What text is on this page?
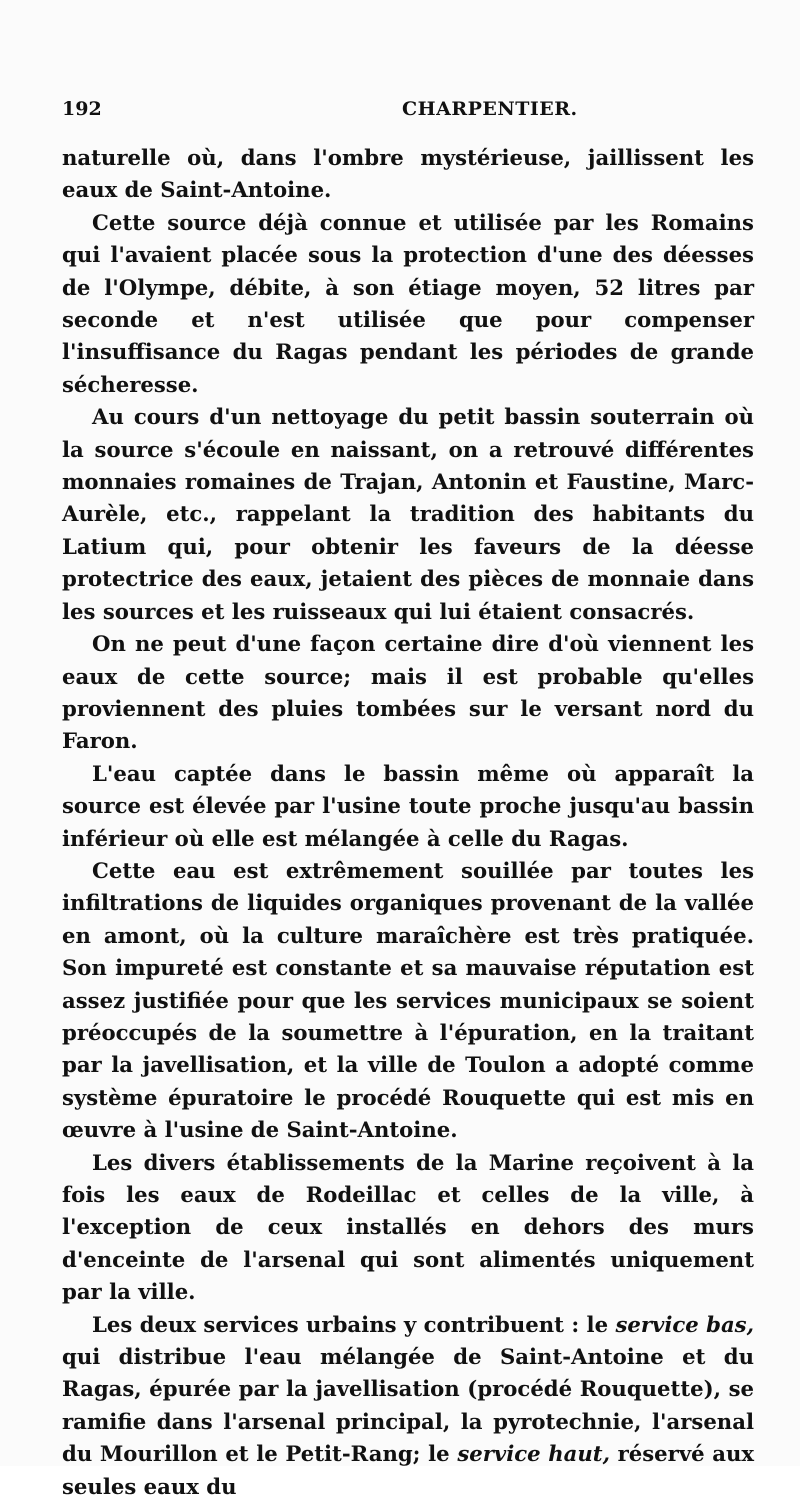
192	CHARPENTIER.

naturelle où, dans l'ombre mystérieuse, jaillissent les eaux de Saint-Antoine.

Cette source déjà connue et utilisée par les Romains qui l'avaient placée sous la protection d'une des déesses de l'Olympe, débite, à son étiage moyen, 52 litres par seconde et n'est utilisée que pour compenser l'insuffisance du Ragas pendant les périodes de grande sécheresse.

Au cours d'un nettoyage du petit bassin souterrain où la source s'écoule en naissant, on a retrouvé différentes monnaies romaines de Trajan, Antonin et Faustine, Marc-Aurèle, etc., rappelant la tradition des habitants du Latium qui, pour obtenir les faveurs de la déesse protectrice des eaux, jetaient des pièces de monnaie dans les sources et les ruisseaux qui lui étaient consacrés.

On ne peut d'une façon certaine dire d'où viennent les eaux de cette source; mais il est probable qu'elles proviennent des pluies tombées sur le versant nord du Faron.

L'eau captée dans le bassin même où apparaît la source est élevée par l'usine toute proche jusqu'au bassin inférieur où elle est mélangée à celle du Ragas.

Cette eau est extrêmement souillée par toutes les infiltrations de liquides organiques provenant de la vallée en amont, où la culture maraîchère est très pratiquée. Son impureté est constante et sa mauvaise réputation est assez justifiée pour que les services municipaux se soient préoccupés de la soumettre à l'épuration, en la traitant par la javellisation, et la ville de Toulon a adopté comme système épuratoire le procédé Rouquette qui est mis en œuvre à l'usine de Saint-Antoine.

Les divers établissements de la Marine reçoivent à la fois les eaux de Rodeillac et celles de la ville, à l'exception de ceux installés en dehors des murs d'enceinte de l'arsenal qui sont alimentés uniquement par la ville.

Les deux services urbains y contribuent : le service bas, qui distribue l'eau mélangée de Saint-Antoine et du Ragas, épurée par la javellisation (procédé Rouquette), se ramifie dans l'arsenal principal, la pyrotechnie, l'arsenal du Mourillon et le Petit-Rang; le service haut, réservé aux seules eaux du
